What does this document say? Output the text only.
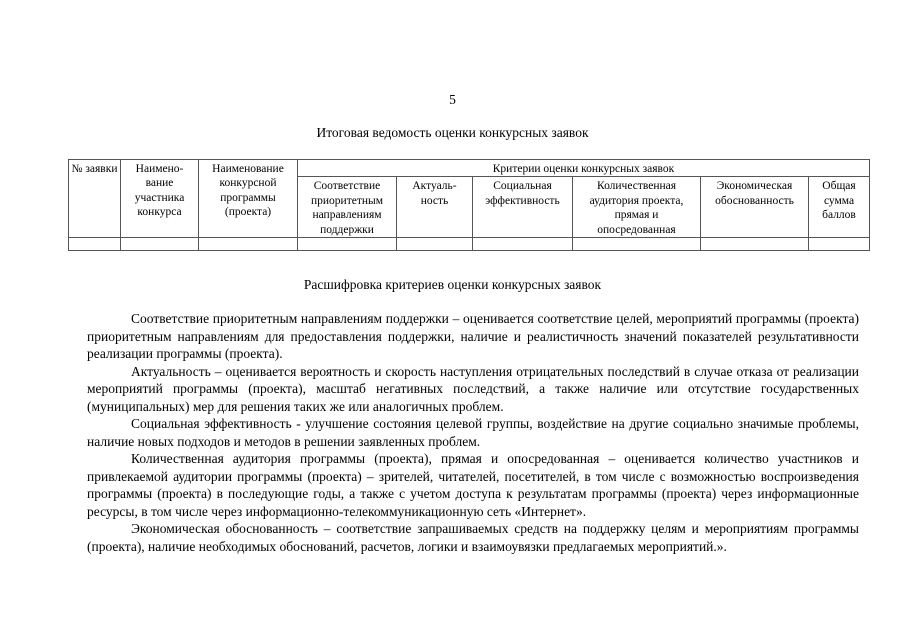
5
Итоговая ведомость оценки конкурсных заявок
№ заявки	Наимено-вание участника конкурса	Наименование конкурсной программы (проекта)	Критерии оценки конкурсных заявок					
			Соответствие приоритетным направлениям поддержки	Актуаль-ность	Социальная эффективность	Количественная аудитория проекта, прямая и опосредованная	Экономическая обоснованность	Общая сумма баллов

Расшифровка критериев оценки конкурсных заявок

Соответствие приоритетным направлениям поддержки – оценивается соответствие целей, мероприятий программы (проекта) приоритетным направлениям для предоставления поддержки, наличие и реалистичность значений показателей результативности реализации программы (проекта).

Актуальность – оценивается вероятность и скорость наступления отрицательных последствий в случае отказа от реализации мероприятий программы (проекта), масштаб негативных последствий, а также наличие или отсутствие государственных (муниципальных) мер для решения таких же или аналогичных проблем.

Социальная эффективность - улучшение состояния целевой группы, воздействие на другие социально значимые проблемы, наличие новых подходов и методов в решении заявленных проблем.

Количественная аудитория программы (проекта), прямая и опосредованная – оценивается количество участников и привлекаемой аудитории программы (проекта) – зрителей, читателей, посетителей, в том числе с возможностью воспроизведения программы (проекта) в последующие годы, а также с учетом доступа к результатам программы (проекта) через информационные ресурсы, в том числе через информационно-телекоммуникационную сеть «Интернет».

Экономическая обоснованность – соответствие запрашиваемых средств на поддержку целям и мероприятиям программы (проекта), наличие необходимых обоснований, расчетов, логики и взаимоувязки предлагаемых мероприятий.».
